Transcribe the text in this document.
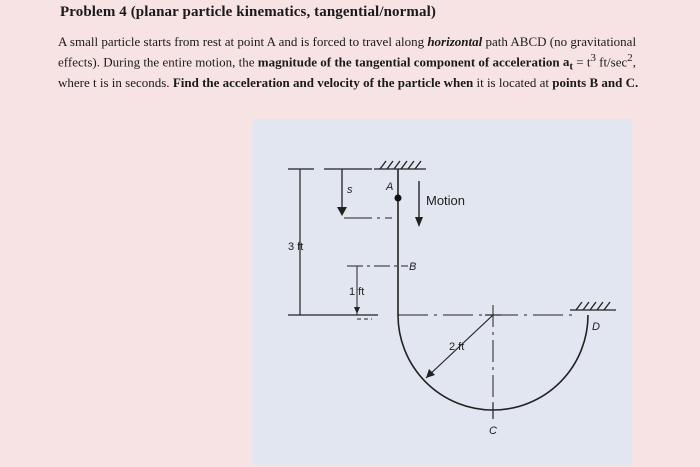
Problem 4 (planar particle kinematics, tangential/normal)
A small particle starts from rest at point A and is forced to travel along horizontal path ABCD (no gravitational effects). During the entire motion, the magnitude of the tangential component of acceleration $a_t = t^3$ $ft/\sec^2$, where t is in seconds. Find the acceleration and velocity of the particle when it is located at points B and C.
s	A
Motion
3 ft
B
1 ft
2 ft
C
D
